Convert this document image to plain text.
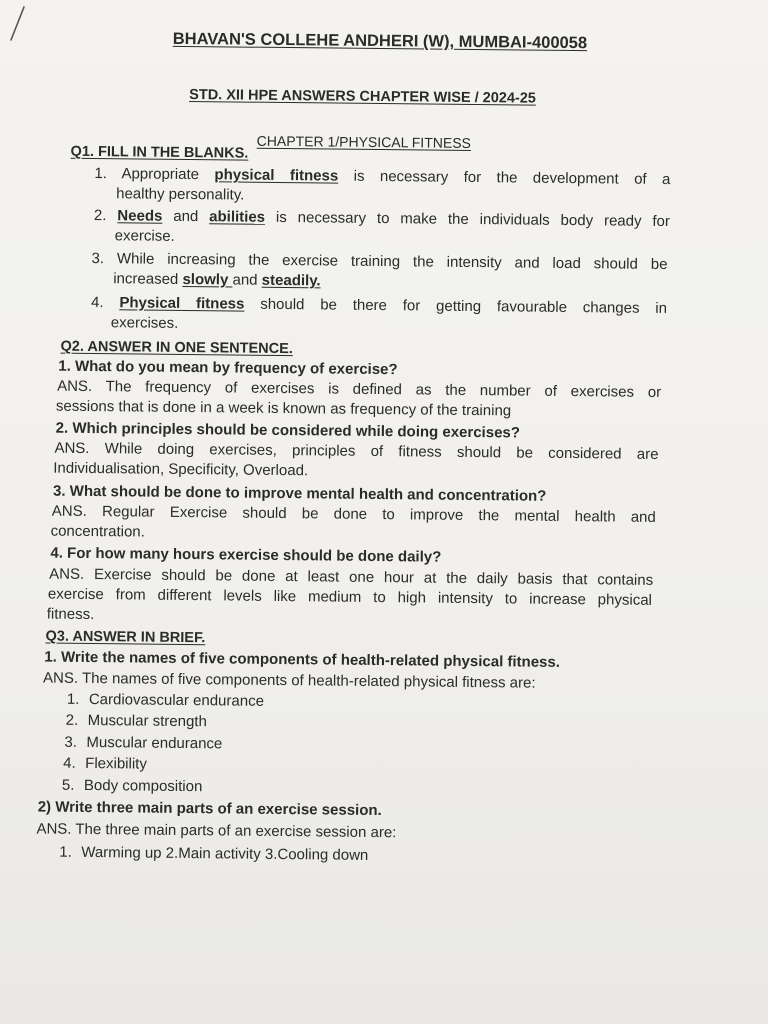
BHAVAN'S COLLEHE ANDHERI (W), MUMBAI-400058
STD. XII HPE ANSWERS CHAPTER WISE / 2024-25
CHAPTER 1/PHYSICAL FITNESS
Q1. FILL IN THE BLANKS.
1. Appropriate physical fitness is necessary for the development of a
healthy personality.
2. Needs and abilities is necessary to make the individuals body ready for
exercise.
3. While increasing the exercise training the intensity and load should be
increased slowly and steadily.
4. Physical fitness should be there for getting favourable changes in
exercises.
Q2. ANSWER IN ONE SENTENCE.
1. What do you mean by frequency of exercise?
ANS. The frequency of exercises is defined as the number of exercises or
sessions that is done in a week is known as frequency of the training
2. Which principles should be considered while doing exercises?
ANS. While doing exercises, principles of fitness should be considered are
Individualisation, Specificity, Overload.
3. What should be done to improve mental health and concentration?
ANS. Regular Exercise should be done to improve the mental health and
concentration.
4. For how many hours exercise should be done daily?
ANS. Exercise should be done at least one hour at the daily basis that contains
exercise from different levels like medium to high intensity to increase physical
fitness.
Q3. ANSWER IN BRIEF.
1. Write the names of five components of health-related physical fitness.
ANS. The names of five components of health-related physical fitness are:
1. Cardiovascular endurance
2. Muscular strength
3. Muscular endurance
4. Flexibility
5. Body composition
2) Write three main parts of an exercise session.
ANS. The three main parts of an exercise session are:
1. Warming up 2.Main activity 3.Cooling down
